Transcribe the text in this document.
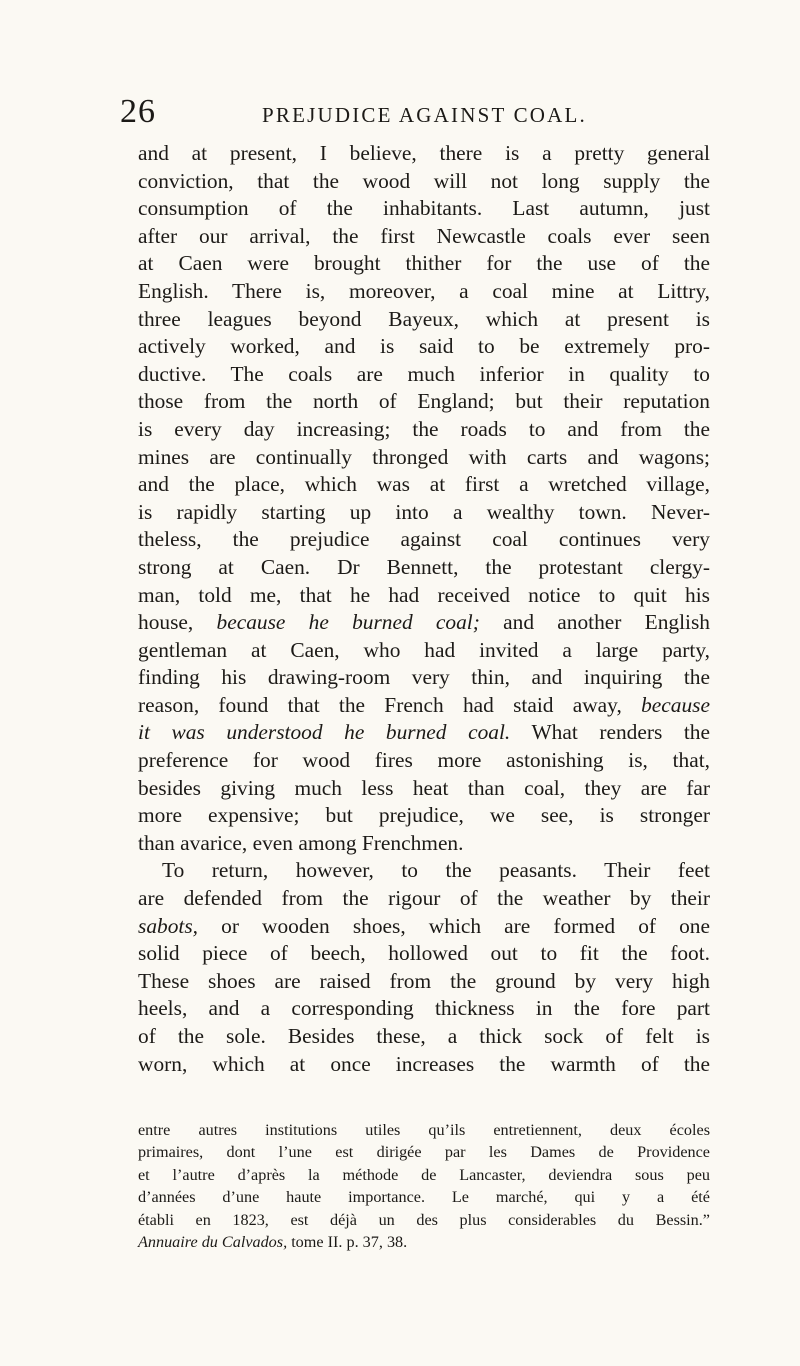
26	PREJUDICE AGAINST COAL.
and at present, I believe, there is a pretty general
conviction, that the wood will not long supply the
consumption of the inhabitants. Last autumn, just
after our arrival, the first Newcastle coals ever seen
at Caen were brought thither for the use of the
English. There is, moreover, a coal mine at Littry,
three leagues beyond Bayeux, which at present is
actively worked, and is said to be extremely pro-
ductive. The coals are much inferior in quality to
those from the north of England; but their reputation
is every day increasing; the roads to and from the
mines are continually thronged with carts and wagons;
and the place, which was at first a wretched village,
is rapidly starting up into a wealthy town. Never-
theless, the prejudice against coal continues very
strong at Caen. Dr Bennett, the protestant clergy-
man, told me, that he had received notice to quit his
house, because he burned coal; and another English
gentleman at Caen, who had invited a large party,
finding his drawing-room very thin, and inquiring the
reason, found that the French had staid away, because
it was understood he burned coal. What renders the
preference for wood fires more astonishing is, that,
besides giving much less heat than coal, they are far
more expensive; but prejudice, we see, is stronger
than avarice, even among Frenchmen.
To return, however, to the peasants. Their feet
are defended from the rigour of the weather by their
sabots, or wooden shoes, which are formed of one
solid piece of beech, hollowed out to fit the foot.
These shoes are raised from the ground by very high
heels, and a corresponding thickness in the fore part
of the sole. Besides these, a thick sock of felt is
worn, which at once increases the warmth of the
entre autres institutions utiles qu’ils entretiennent, deux écoles
primaires, dont l’une est dirigée par les Dames de Providence
et l’autre d’après la méthode de Lancaster, deviendra sous peu
d’années d’une haute importance. Le marché, qui y a été
établi en 1823, est déjà un des plus considerables du Bessin.”
Annuaire du Calvados, tome II. p. 37, 38.
